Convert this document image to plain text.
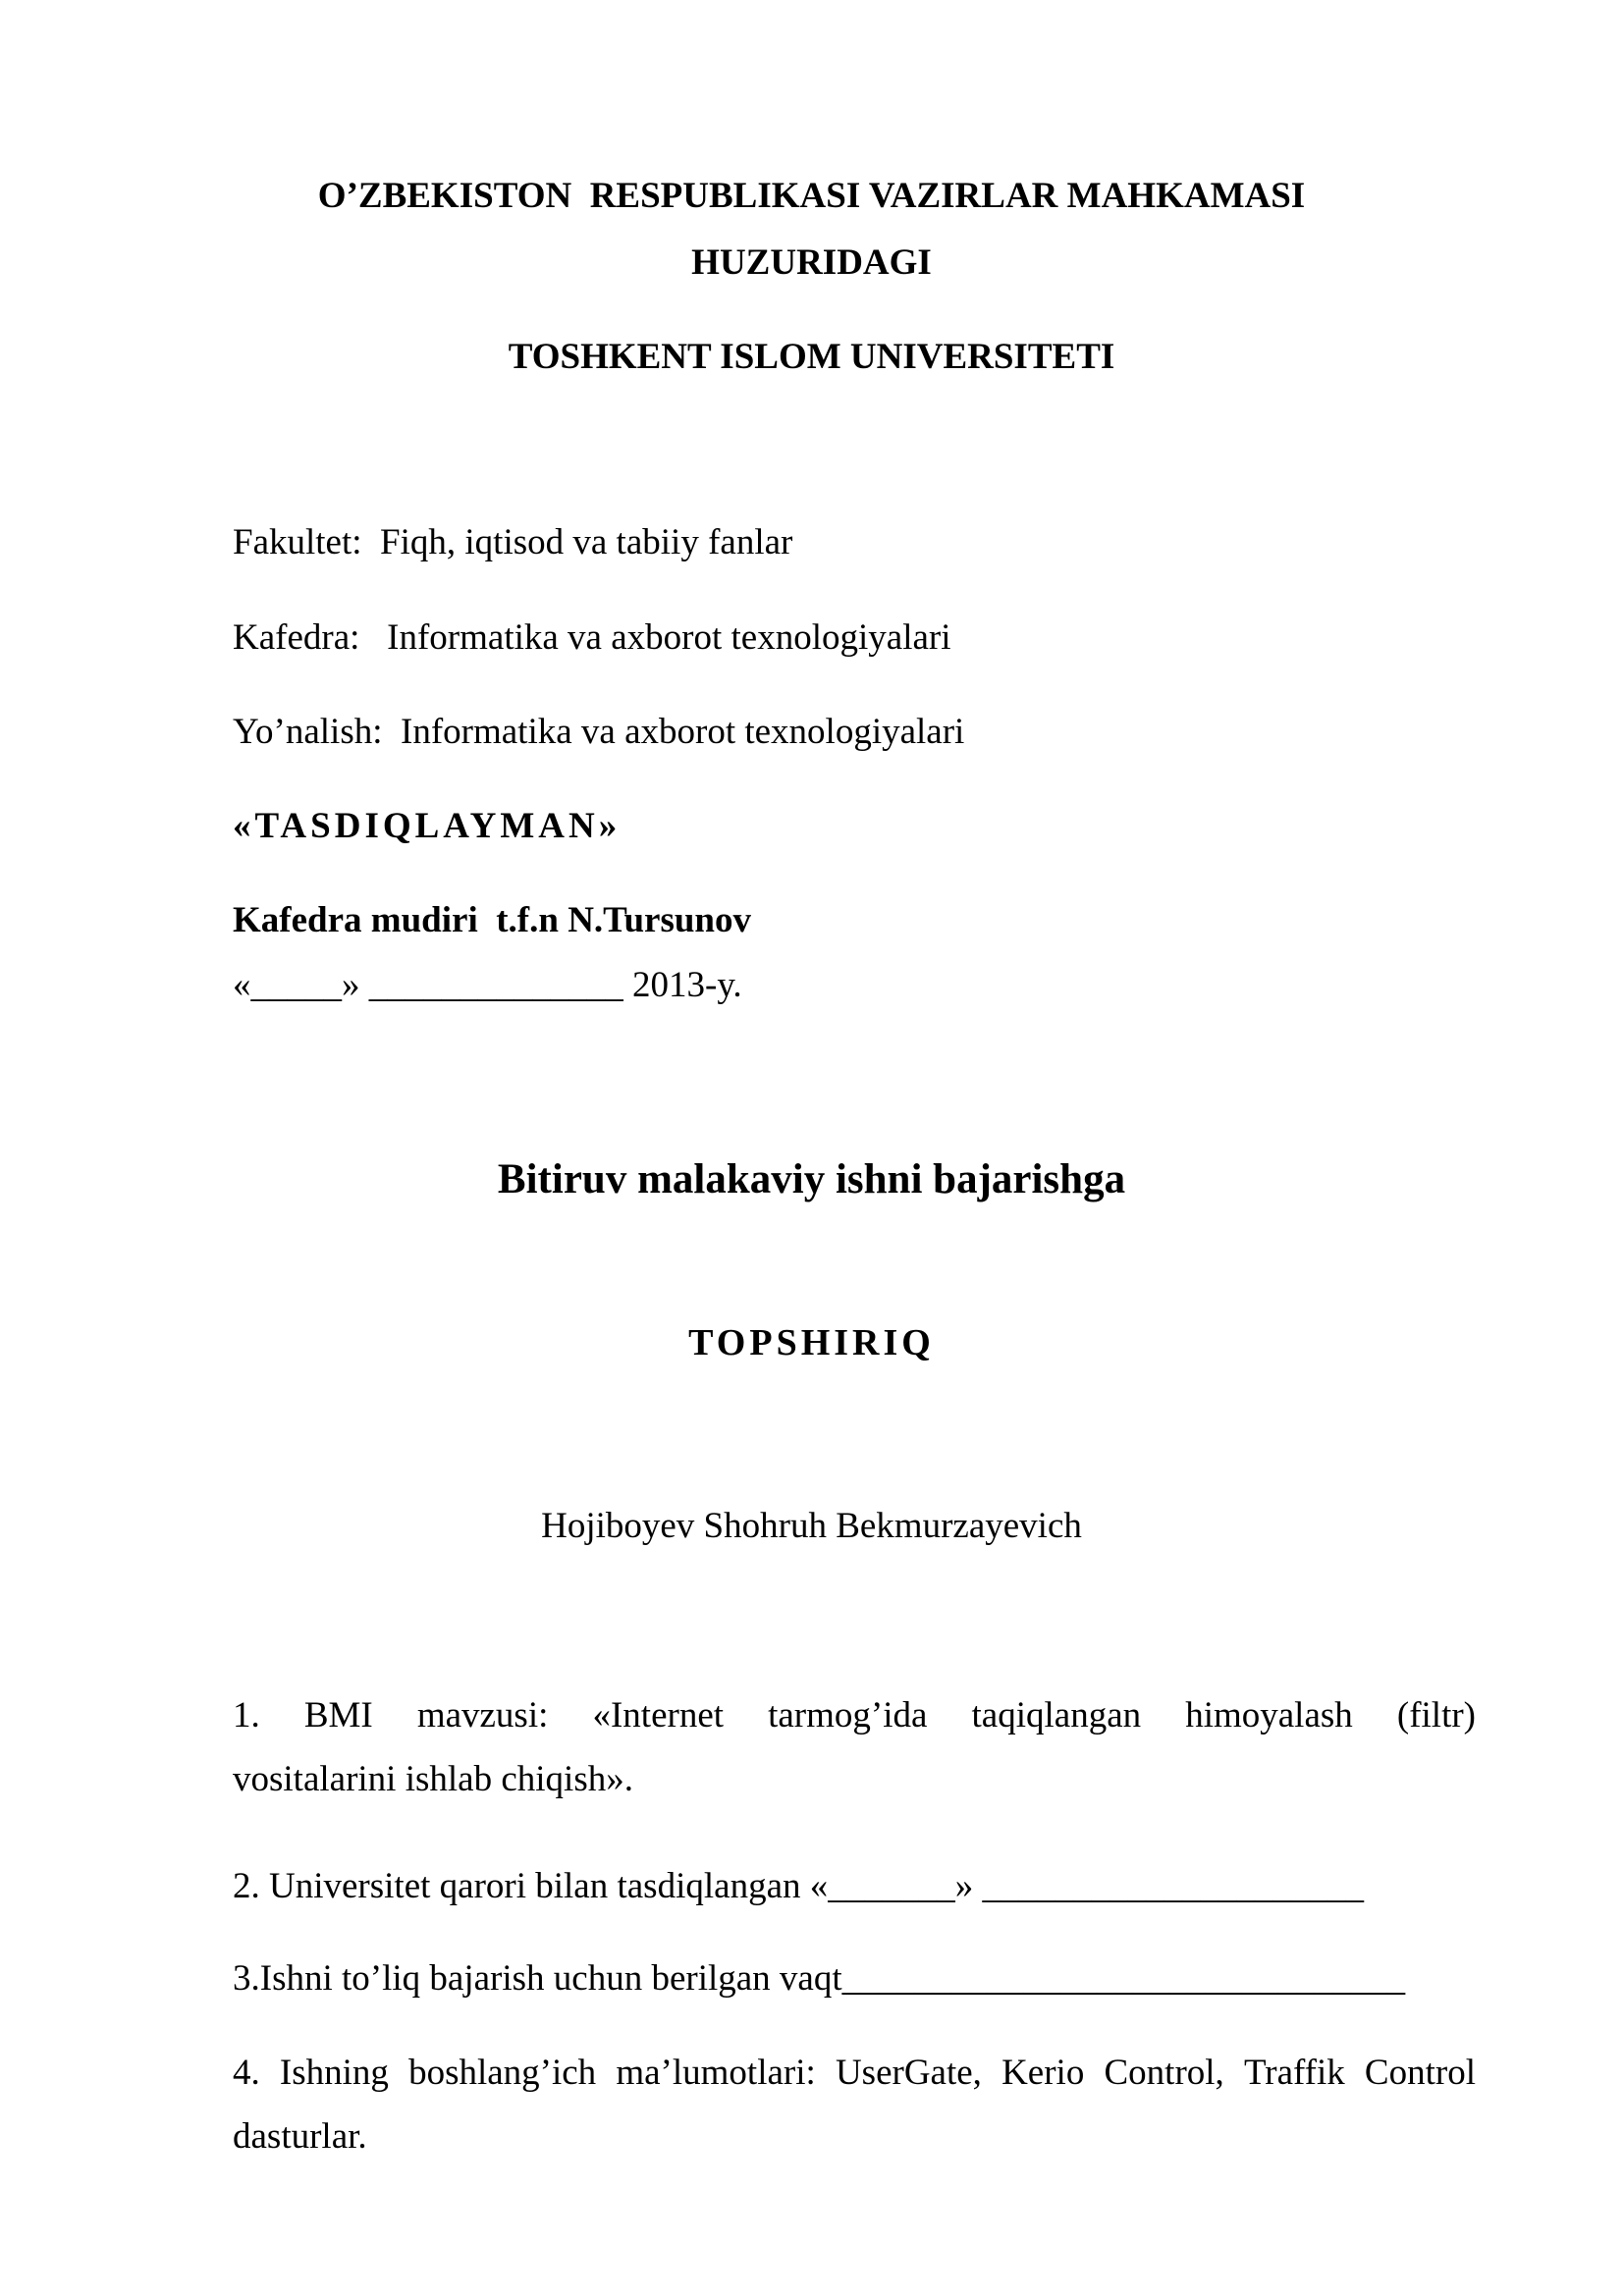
O’ZBEKISTON  RESPUBLIKASI VAZIRLAR MAHKAMASI
HUZURIDAGI
TOSHKENT ISLOM UNIVERSITETI
Fakultet:  Fiqh, iqtisod va tabiiy fanlar
Kafedra:   Informatika va axborot texnologiyalari
Yo’nalish:  Informatika va axborot texnologiyalari
«TASDIQLAYMAN»
Kafedra mudiri  t.f.n N.Tursunov
«_____» ______________ 2013-y.
Bitiruv malakaviy ishni bajarishga
TOPSHIRIQ
Hojiboyev Shohruh Bekmurzayevich
1. BMI mavzusi: «Internet tarmog’ida taqiqlangan himoyalash (filtr)
vositalarini ishlab chiqish».
2. Universitet qarori bilan tasdiqlangan «_______» _____________________
3.Ishni to’liq bajarish uchun berilgan vaqt_______________________________
4. Ishning boshlang’ich ma’lumotlari: UserGate, Kerio Control, Traffik Control
dasturlar.
